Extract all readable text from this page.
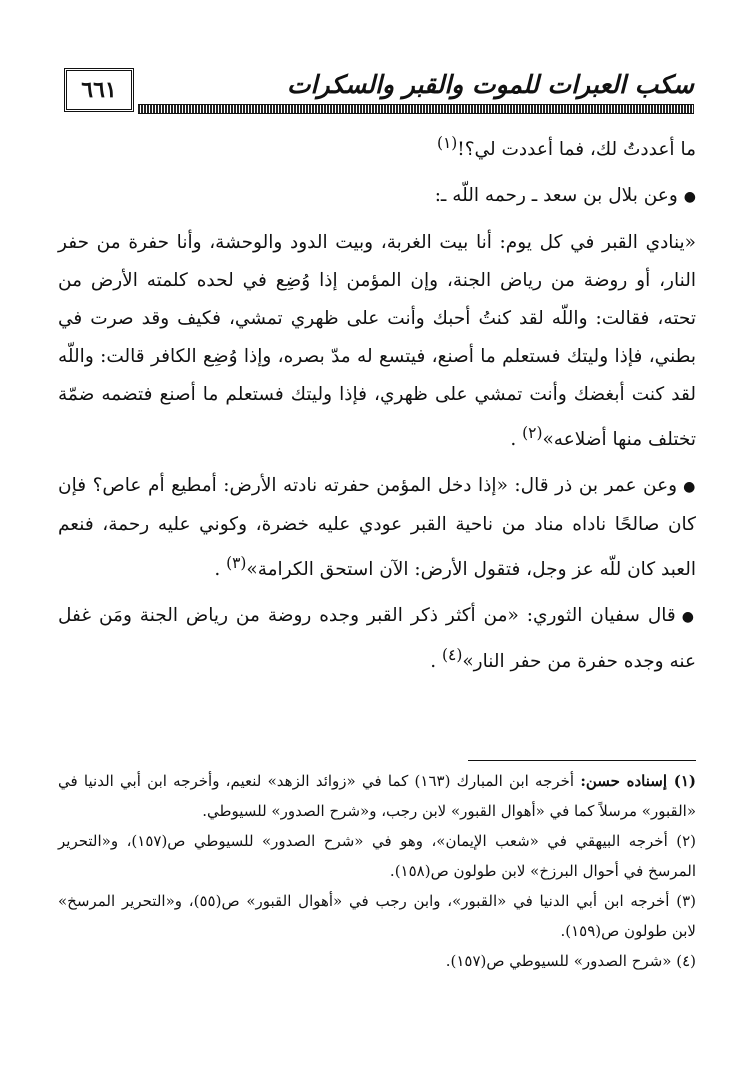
٦٦١	سكب العبرات للموت والقبر والسكرات

ما أعددتُ لك، فما أعددت لي؟!$^{(١)}$

●وعن بلال بن سعد ـ رحمه اللّه ـ:

«ينادي القبر في كل يوم: أنا بيت الغربة، وبيت الدود والوحشة، وأنا حفرة من حفر النار، أو روضة من رياض الجنة، وإن المؤمن إذا وُضِع في لحده كلمته الأرض من تحته، فقالت: واللّه لقد كنتُ أحبك وأنت على ظهري تمشي، فكيف وقد صرت في بطني، فإذا وليتك فستعلم ما أصنع، فيتسع له مدّ بصره، وإذا وُضِع الكافر قالت: واللّه لقد كنت أبغضك وأنت تمشي على ظهري، فإذا وليتك فستعلم ما أصنع فتضمه ضمّة تختلف منها أضلاعه»$^{(٢)}$ .

●وعن عمر بن ذر قال: «إذا دخل المؤمن حفرته نادته الأرض: أمطيع أم عاص؟ فإن كان صالحًا ناداه مناد من ناحية القبر عودي عليه خضرة، وكوني عليه رحمة، فنعم العبد كان للّه عز وجل، فتقول الأرض: الآن استحق الكرامة»$^{(٣)}$ .

●قال سفيان الثوري: «من أكثر ذكر القبر وجده روضة من رياض الجنة ومَن غفل عنه وجده حفرة من حفر النار»$^{(٤)}$ .

(١) إسناده حسن: أخرجه ابن المبارك (١٦٣) كما في «زوائد الزهد» لنعيم، وأخرجه ابن أبي الدنيا في «القبور» مرسلاً كما في «أهوال القبور» لابن رجب، و«شرح الصدور» للسيوطي.

(٢) أخرجه البيهقي في «شعب الإيمان»، وهو في «شرح الصدور» للسيوطي ص(١٥٧)، و«التحرير المرسخ في أحوال البرزخ» لابن طولون ص(١٥٨).

(٣) أخرجه ابن أبي الدنيا في «القبور»، وابن رجب في «أهوال القبور» ص(٥٥)، و«التحرير المرسخ» لابن طولون ص(١٥٩).

(٤) «شرح الصدور» للسيوطي ص(١٥٧).
